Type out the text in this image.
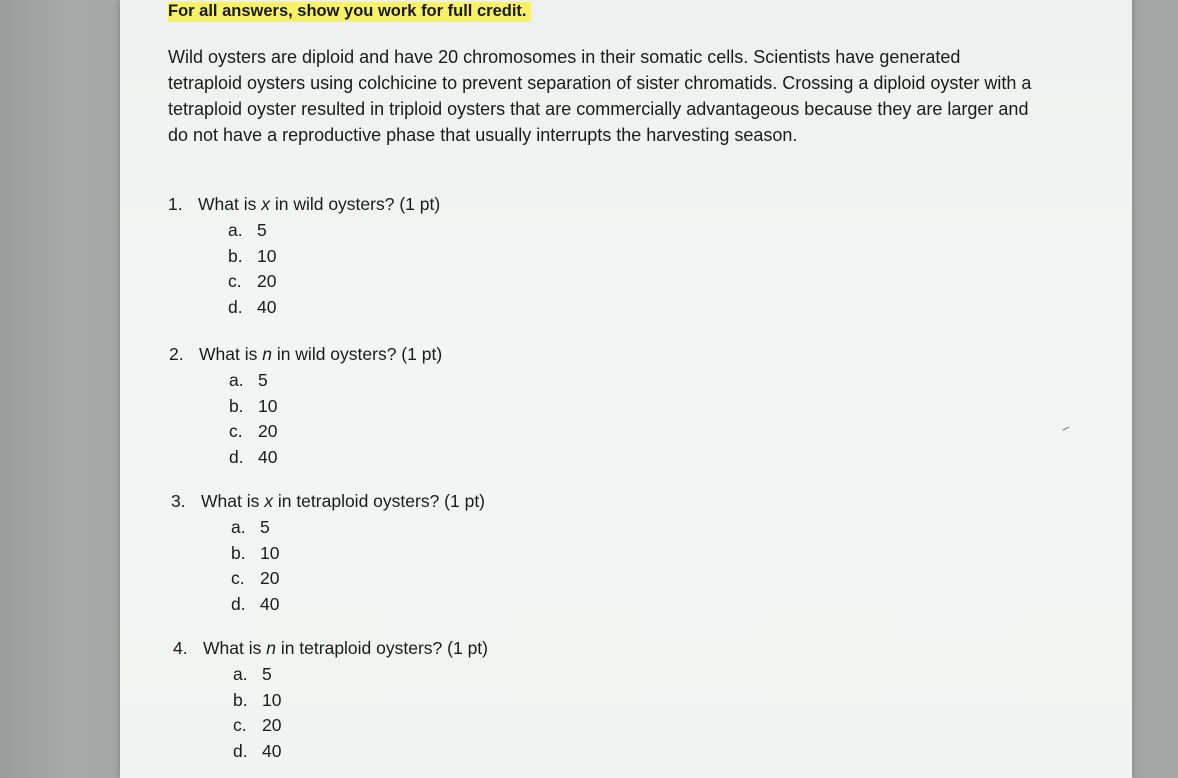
For all answers, show you work for full credit.
Wild oysters are diploid and have 20 chromosomes in their somatic cells. Scientists have generated tetraploid oysters using colchicine to prevent separation of sister chromatids. Crossing a diploid oyster with a tetraploid oyster resulted in triploid oysters that are commercially advantageous because they are larger and do not have a reproductive phase that usually interrupts the harvesting season.
1. What is x in wild oysters? (1 pt)
a. 5
b. 10
c. 20
d. 40
2. What is n in wild oysters? (1 pt)
a. 5
b. 10
c. 20
d. 40
3. What is x in tetraploid oysters? (1 pt)
a. 5
b. 10
c. 20
d. 40
4. What is n in tetraploid oysters? (1 pt)
a. 5
b. 10
c. 20
d. 40
